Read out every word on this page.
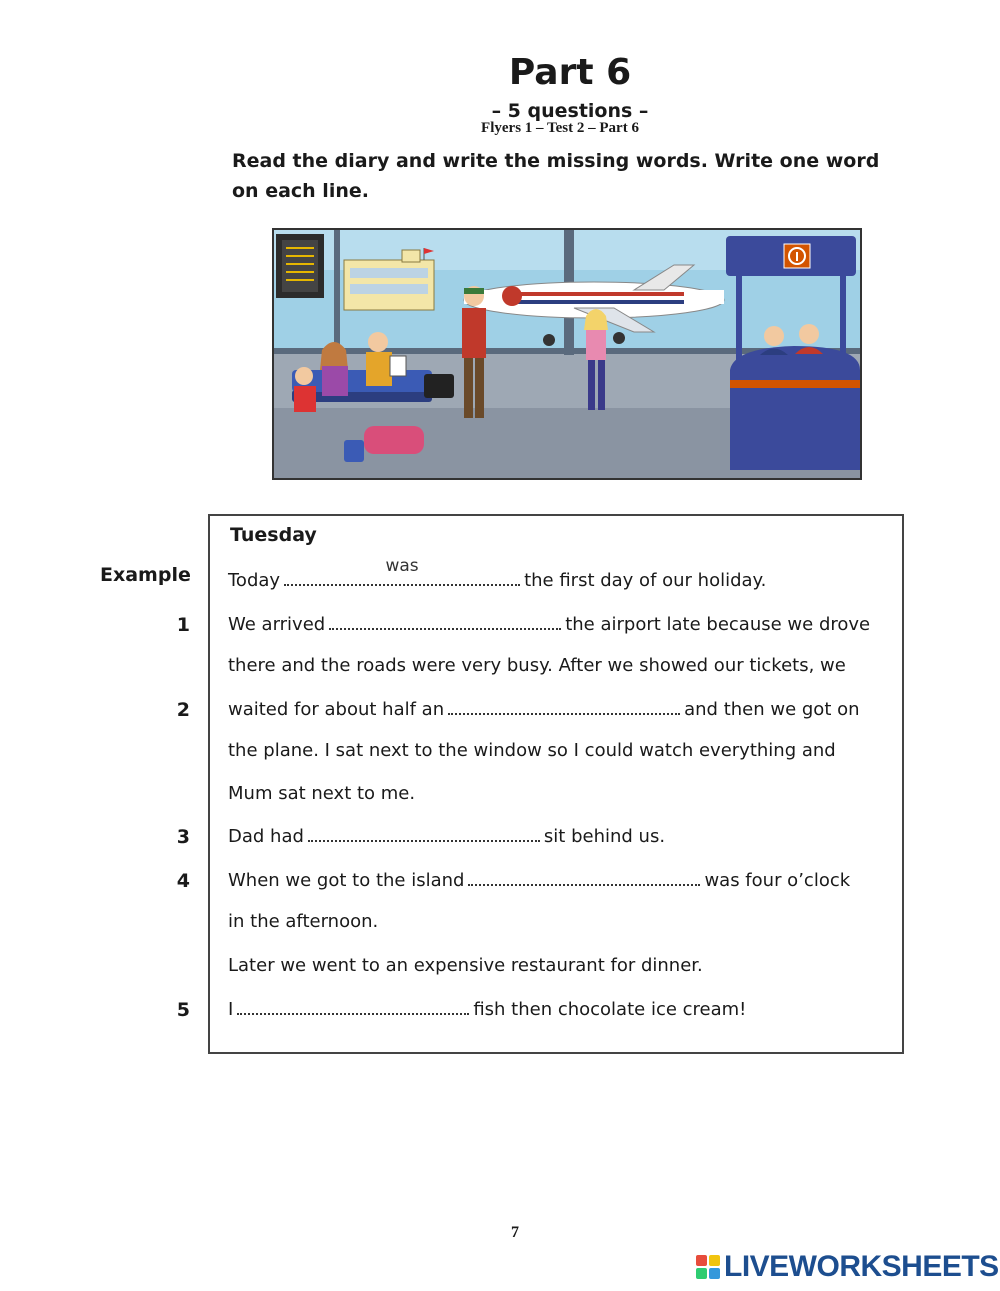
Part 6
– 5 questions –
Flyers 1 – Test 2 – Part 6
Read the diary and write the missing words. Write one word on each line.
Tuesday
Example Today
was
the first day of our holiday.
1 We arrived	the airport late because we drove
there and the roads were very busy. After we showed our tickets, we
2 waited for about half an	and then we got on
the plane. I sat next to the window so I could watch everything and
Mum sat next to me.
3 Dad had	sit behind us.
4 When we got to the island	was four o’clock
in the afternoon.
Later we went to an expensive restaurant for dinner.
5 I	fish then chocolate ice cream!
7
LIVEWORKSHEETS
